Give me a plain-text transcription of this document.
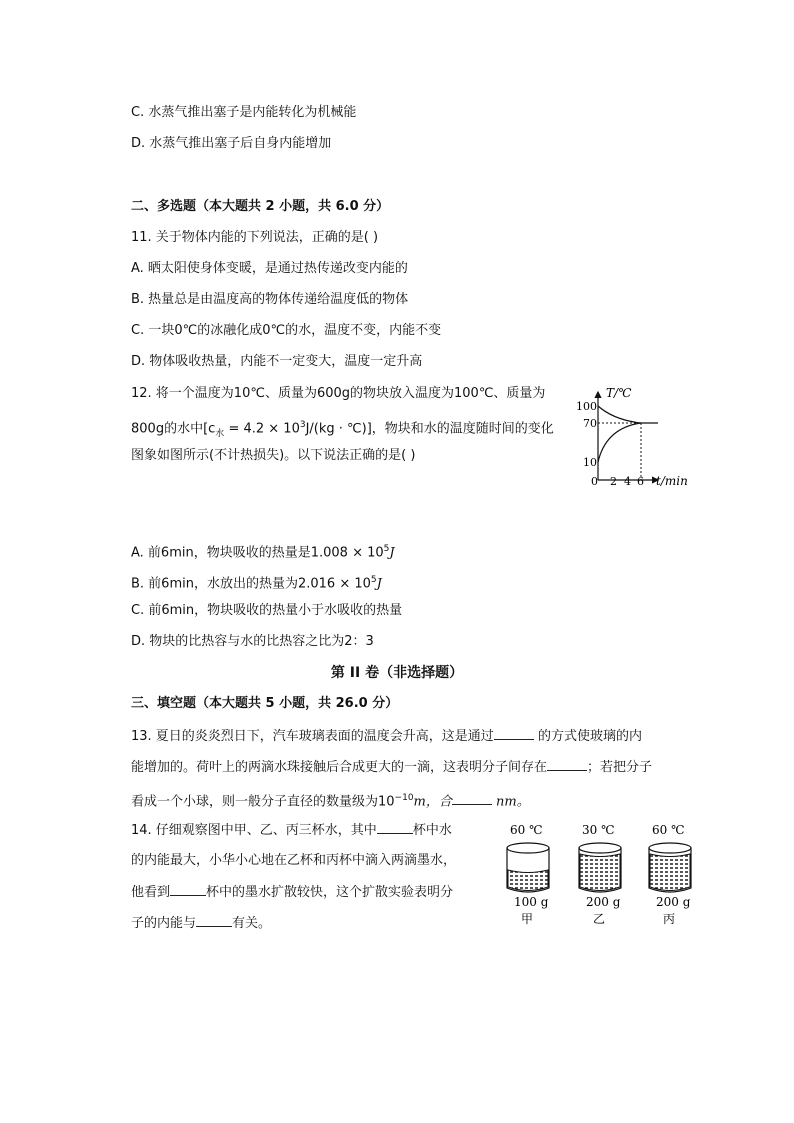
C. 水蒸气推出塞子是内能转化为机械能
D. 水蒸气推出塞子后自身内能增加
二、多选题（本大题共 2 小题，共 6.0 分）
11. 关于物体内能的下列说法，正确的是( )
A. 晒太阳使身体变暖，是通过热传递改变内能的
B. 热量总是由温度高的物体传递给温度低的物体
C. 一块0℃的冰融化成0℃的水，温度不变，内能不变
D. 物体吸收热量，内能不一定变大，温度一定升高
12. 将一个温度为10℃、质量为600g的物块放入温度为100℃、质量为
800g的水中[$c_水 = 4.2 \times 10^3J/(kg$ · ℃)]，物块和水的温度随时间的变化
图象如图所示(不计热损失)。以下说法正确的是( )
T/℃
t/min
0
100
70
10
2 4 6
A. 前6min，物块吸收的热量是$1.008 \times 10^5J$
B. 前6min，水放出的热量为$2.016 \times 10^5J$
C. 前6min，物块吸收的热量小于水吸收的热量
D. 物块的比热容与水的比热容之比为2：3
第 II 卷（非选择题）
三、填空题（本大题共 5 小题，共 26.0 分）
13. 夏日的炎炎烈日下，汽车玻璃表面的温度会升高，这是通过	的方式使玻璃的内
能增加的。荷叶上的两滴水珠接触后合成更大的一滴，这表明分子间存在	；若把分子
看成一个小球，则一般分子直径的数量级为$10^{-10}m$，合	nm。
14. 仔细观察图中甲、乙、丙三杯水，其中	杯中水
的内能最大，小华小心地在乙杯和丙杯中滴入两滴墨水，
他看到	杯中的墨水扩散较快，这个扩散实验表明分
子的内能与	有关。
60 ℃
100 g
甲
30 ℃
200 g
乙
60 ℃
200 g
丙
